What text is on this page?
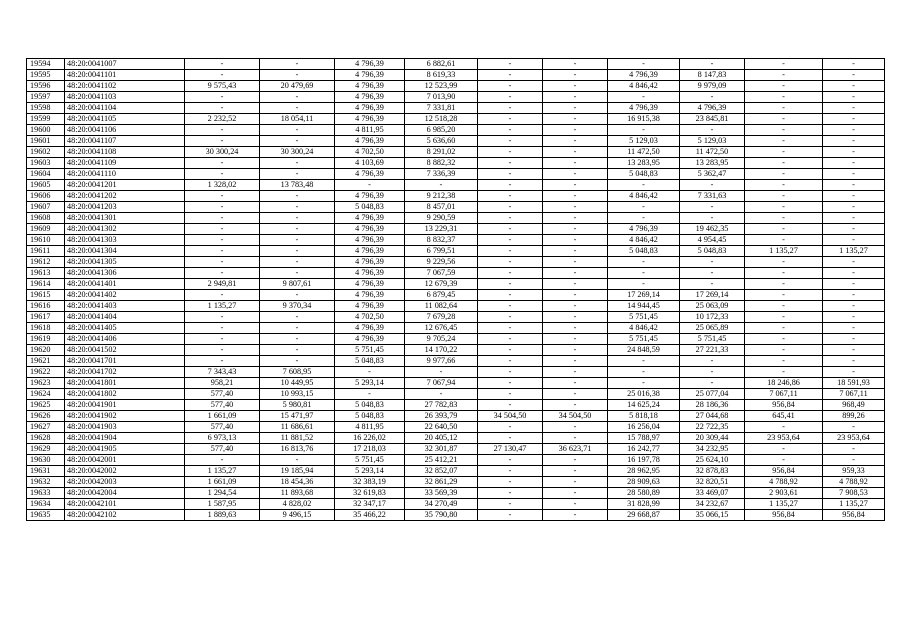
19594	48:20:0041007	-	-	4 796,39	6 882,61	-	-	-	-	-	-
19595	48:20:0041101	-	-	4 796,39	8 619,33	-	-	4 796,39	8 147,83	-	-
19596	48:20:0041102	9 575,43	20 479,69	4 796,39	12 523,99	-	-	4 846,42	9 979,09	-	-
19597	48:20:0041103	-	-	4 796,39	7 013,90	-	-	-	-	-	-
19598	48:20:0041104	-	-	4 796,39	7 331,81	-	-	4 796,39	4 796,39	-	-
19599	48:20:0041105	2 232,52	18 054,11	4 796,39	12 518,28	-	-	16 915,38	23 845,81	-	-
19600	48:20:0041106	-	-	4 811,95	6 985,20	-	-	-	-	-	-
19601	48:20:0041107	-	-	4 796,39	5 636,60	-	-	5 129,03	5 129,03	-	-
19602	48:20:0041108	30 300,24	30 300,24	4 702,50	8 291,02	-	-	11 472,50	11 472,50	-	-
19603	48:20:0041109	-	-	4 103,69	8 882,32	-	-	13 283,95	13 283,95	-	-
19604	48:20:0041110	-	-	4 796,39	7 336,39	-	-	5 048,83	5 362,47	-	-
19605	48:20:0041201	1 328,02	13 783,48	-	-	-	-	-	-	-	-
19606	48:20:0041202	-	-	4 796,39	9 212,38	-	-	4 846,42	7 331,63	-	-
19607	48:20:0041203	-	-	5 048,83	8 457,01	-	-	-	-	-	-
19608	48:20:0041301	-	-	4 796,39	9 290,59	-	-	-	-	-	-
19609	48:20:0041302	-	-	4 796,39	13 229,31	-	-	4 796,39	19 462,35	-	-
19610	48:20:0041303	-	-	4 796,39	8 832,37	-	-	4 846,42	4 954,45	-	-
19611	48:20:0041304	-	-	4 796,39	6 799,51	-	-	5 048,83	5 048,83	1 135,27	1 135,27
19612	48:20:0041305	-	-	4 796,39	9 229,56	-	-	-	-	-	-
19613	48:20:0041306	-	-	4 796,39	7 067,59	-	-	-	-	-	-
19614	48:20:0041401	2 949,81	9 807,61	4 796,39	12 679,39	-	-	-	-	-	-
19615	48:20:0041402	-	-	4 796,39	6 879,45	-	-	17 269,14	17 269,14	-	-
19616	48:20:0041403	1 135,27	9 370,34	4 796,39	11 082,64	-	-	14 944,45	25 063,09	-	-
19617	48:20:0041404	-	-	4 702,50	7 679,28	-	-	5 751,45	10 172,33	-	-
19618	48:20:0041405	-	-	4 796,39	12 676,45	-	-	4 846,42	25 065,89	-	-
19619	48:20:0041406	-	-	4 796,39	9 705,24	-	-	5 751,45	5 751,45	-	-
19620	48:20:0041502	-	-	5 751,45	14 170,22	-	-	24 848,59	27 221,33	-	-
19621	48:20:0041701	-	-	5 048,83	9 977,66	-	-	-	-	-	-
19622	48:20:0041702	7 343,43	7 608,95	-	-	-	-	-	-	-	-
19623	48:20:0041801	958,21	10 449,95	5 293,14	7 067,94	-	-	-	-	18 246,86	18 591,93
19624	48:20:0041802	577,40	10 993,15	-	-	-	-	25 016,38	25 077,04	7 067,11	7 067,11
19625	48:20:0041901	577,40	5 980,81	5 048,83	27 782,83	-	-	14 625,24	28 186,36	956,84	968,49
19626	48:20:0041902	1 661,09	15 471,97	5 048,83	26 393,79	34 504,50	34 504,50	5 818,18	27 044,68	645,41	899,26
19627	48:20:0041903	577,40	11 686,61	4 811,95	22 640,50	-	-	16 256,04	22 722,35	-	-
19628	48:20:0041904	6 973,13	11 881,52	16 226,02	20 405,12	-	-	15 788,97	20 309,44	23 953,64	23 953,64
19629	48:20:0041905	577,40	16 813,76	17 218,03	32 301,87	27 130,47	36 623,71	16 242,77	34 232,95	-	-
19630	48:20:0042001	-	-	5 751,45	25 412,21	-	-	16 197,78	25 624,10	-	-
19631	48:20:0042002	1 135,27	19 185,94	5 293,14	32 852,07	-	-	28 962,95	32 878,83	956,84	959,33
19632	48:20:0042003	1 661,09	18 454,36	32 383,19	32 861,29	-	-	28 909,63	32 820,51	4 788,92	4 788,92
19633	48:20:0042004	1 294,54	11 893,68	32 619,83	33 569,39	-	-	28 580,89	33 469,07	2 903,61	7 908,53
19634	48:20:0042101	1 587,95	4 828,02	32 347,17	34 270,49	-	-	31 828,99	34 232,67	1 135,27	1 135,27
19635	48:20:0042102	1 889,63	9 496,15	35 466,22	35 790,80	-	-	29 668,87	35 066,15	956,84	956,84
